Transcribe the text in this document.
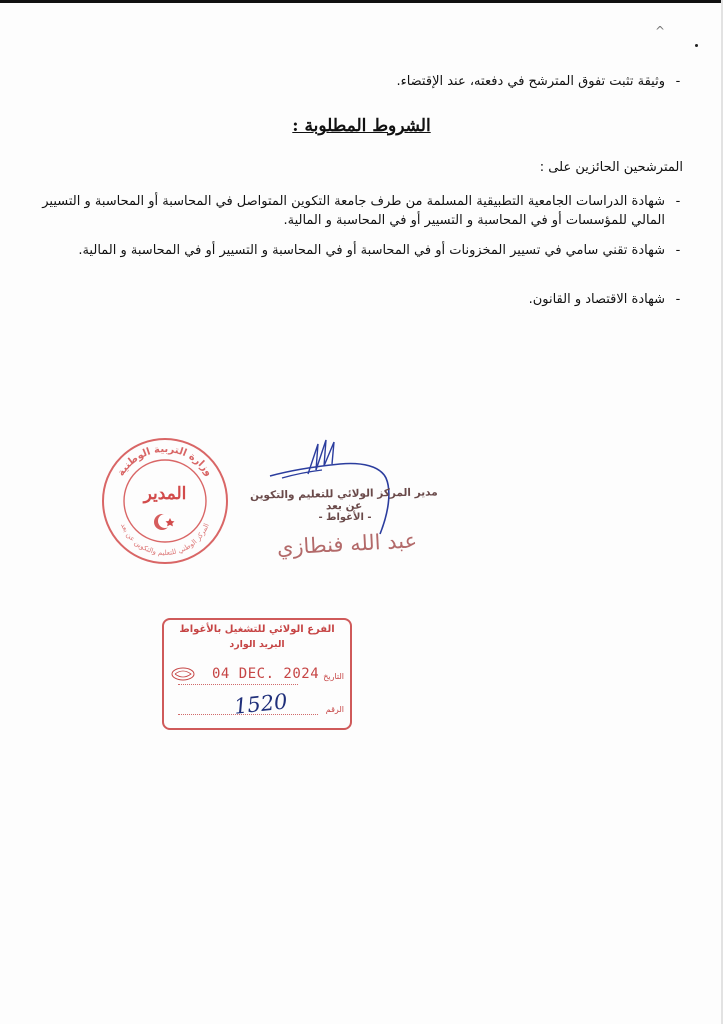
^
-
وثيقة تثبت تفوق المترشح في دفعته، عند الإقتضاء.
الشروط المطلوبة :
المترشحين الحائزين على :
-
شهادة الدراسات الجامعية التطبيقية المسلمة من طرف جامعة التكوين المتواصل في المحاسبة أو المحاسبة و التسيير المالي للمؤسسات أو في المحاسبة و التسيير أو في المحاسبة و المالية.
-
شهادة تقني سامي في تسيير المخزونات أو في المحاسبة أو في المحاسبة و التسيير أو في المحاسبة و المالية.
-
شهادة الاقتصاد و القانون.
وزارة التربية الوطنية
المركز الوطني للتعليم والتكوين عن بعد
المدير	مدير المركز الولائي للتعليم والتكوين عن بعد
- الأغواط -
عبد الله فنطازي
الفرع الولائي للتشغيل بالأغواط
البريد الوارد
04 DEC. 2024 التاريخ
1520	الرقم
